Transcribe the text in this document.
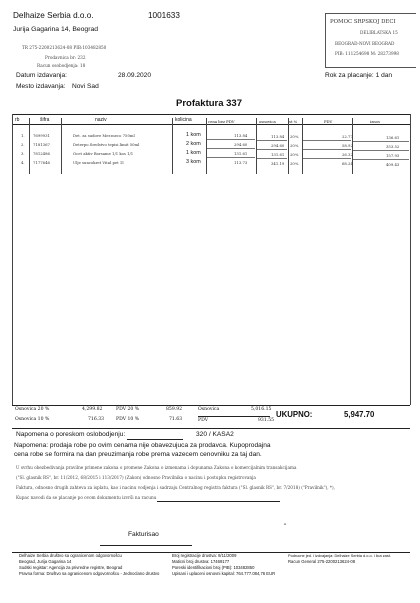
Delhaize Serbia d.o.o.	1001633
Jurija Gagarina 14, Beograd
TR 275-2200213624-08 PIB:103482850
Prodavnica br: 232
Racun osobodjenja: 18
POMOC SRPSKOJ DECI
DELIBLATSKA 15
BEOGRAD-NOVI BEOGRAD
PIB: 111254698 M: 28273998
Datum izdavanja:	28.09.2020
Mesto izdavanja: Novi Sad
Rok za placanje: 1 dan
Profaktura 337
rb	šifra	naziv	kolicina	cena bez PDV	osnovica	st %	PDV	iznos
1. 7699931	Det. za sudove Mer.meco 750ml	1 kom	113.84	113.84 20%	22.77	136.61
2. 7181367	Deterpo.Sredstvo tepisi.limit 50ml	2 kom	294.60	294.60 20%	58.92	353.52
3. 7812486	Ocet aktiv Borsame 1/1 kos 1/1	1 kom	131.61	131.61 20%	26.32	157.93
4. 7177646	Ulje suncokret Vital pet 1l	3 kom	113.73	341.19 20%	68.24	409.43
Osnovica 20 %	4,299.82	PDV 20 %	859.92
Osnovica 10 %	716.33	PDV 10 %	71.63
Osnovica	5,016.15
PDV	931.55
UKUPNO:	5,947.70
Napomena o poreskom oslobodjenju:	320 / KASA2
Napomena: prodaja robe po ovim cenama nije obavezujuca za prodavca. Kupoprodajna
cena robe se formira na dan preuzimanja robe prema vazecem cenovniku za taj dan.
U svrhu obezbedivanja pravilne primene zakona o promene Zakona o izmenama i dopunama Zakona o komercijalnim transakcijama
("Sl. glasnik RS", br. 11/2012, 68/2015 i 113/2017) (Zakon) odnosno Pravilnika o nacinu i postupku registrovanja
Faktura, odnosno drugih zahteva za isplatu, kao i nacinu vodjenja i sadrzaju Centralnog registra faktura ("Sl. glasnik RS", br. 7/2018) ("Pravilnik"), *),
Kupac navodi da se placanje po ovom dokumentu izvrši na racunu
Fakturisao
"
Delhaize Serbia društvo sa ogranicenom odgovornošcu
Beograd, Jurija Gagarina 14
Sudski registar: Agencija za privredne registre, Beograd
Pravna forma: Društvo sa ogranicenom odgovornošcu - Jednoclano drustvo
Broj registracije drustva: 8/11/2009
Maticni broj drustva: 17469177
Poreski identifikacioni broj (PIB): 103482850
Upisani i uplaceni osnovni kapital: 764.777.084,76 EUR
Podrucne jed. i izdvajanja: Delhaize Serbia d.o.o. i lica zast.
Racun General 275-2200213624-08
